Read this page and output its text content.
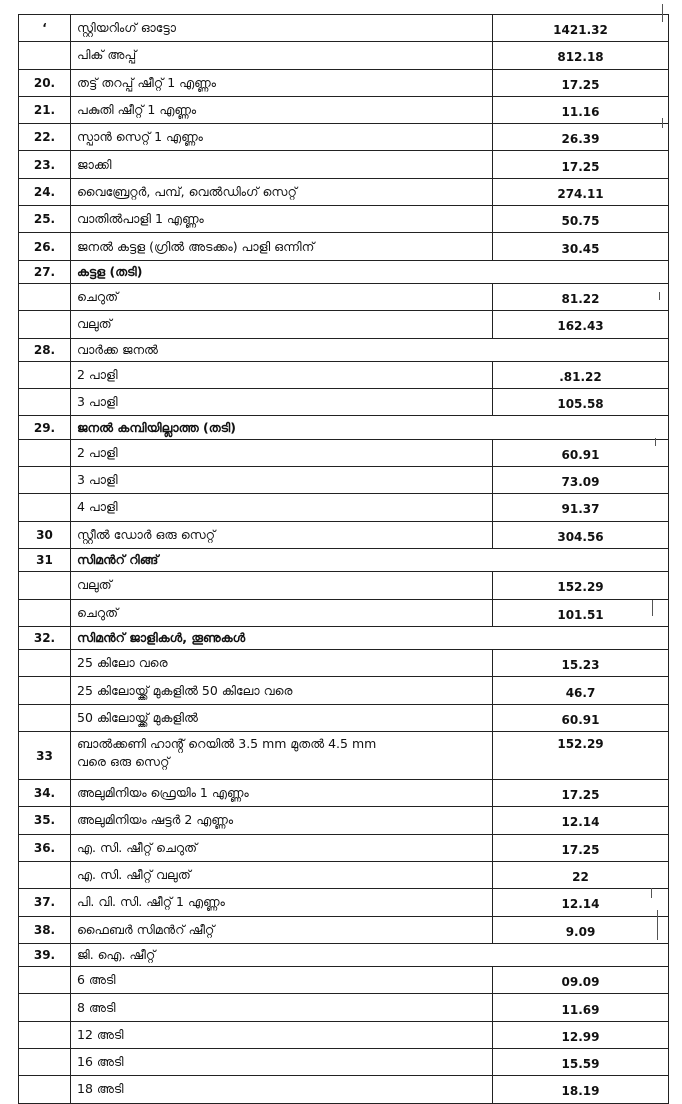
‘	സ്റ്റിയറിംഗ് ഓട്ടോ	1421.32
	പിക് അപ്പ്	812.18
20.	തട്ട് തറപ്പ് ഷീറ്റ് 1 എണ്ണം	17.25
21.	പകുതി ഷീറ്റ് 1 എണ്ണം	11.16
22.	സ്പാൻ സെറ്റ് 1 എണ്ണം	26.39
23.	ജാക്കി	17.25
24.	വൈബ്രേറ്റർ, പമ്പ്, വെൽഡിംഗ് സെറ്റ്	274.11
25.	വാതിൽപാളി 1 എണ്ണം	50.75
26.	ജനൽ കട്ടള (ഗ്രിൽ അടക്കം) പാളി ഒന്നിന്	30.45
27.	കട്ടള (തടി)	
	ചെറുത്	81.22
	വലുത്	162.43
28.	വാർക്ക ജനൽ	
	2 പാളി	.81.22
	3 പാളി	105.58
29.	ജനൽ കമ്പിയില്ലാത്ത (തടി)	
	2 പാളി	60.91
	3 പാളി	73.09
	4 പാളി	91.37
30	സ്റ്റീൽ ഡോർ ഒരു സെറ്റ്	304.56
31	സിമൻറ് റിങ്ങ്	
	വലുത്	152.29
	ചെറുത്	101.51
32.	സിമൻറ് ജാളികൾ, തൂണുകൾ	
	25 കിലോ വരെ	15.23
	25 കിലോയ്ക്ക് മുകളിൽ 50 കിലോ വരെ	46.7
	50 കിലോയ്ക്ക് മുകളിൽ	60.91
33	ബാൽക്കണി ഹാൻ്റ് റെയിൽ 3.5 mm മുതൽ 4.5 mm
വരെ ഒരു സെറ്റ്	152.29
34.	അലുമിനിയം ഫ്രെയിം 1 എണ്ണം	17.25
35.	അലുമിനിയം ഷട്ടർ 2 എണ്ണം	12.14
36.	എ. സി. ഷീറ്റ് ചെറുത്	17.25
	എ. സി. ഷീറ്റ് വലുത്	22
37.	പി. വി. സി. ഷീറ്റ് 1 എണ്ണം	12.14
38.	ഫൈബർ സിമൻറ് ഷീറ്റ്	9.09
39.	ജി. ഐ. ഷീറ്റ്	
	6 അടി	09.09
	8 അടി	11.69
	12 അടി	12.99
	16 അടി	15.59
	18 അടി	18.19
